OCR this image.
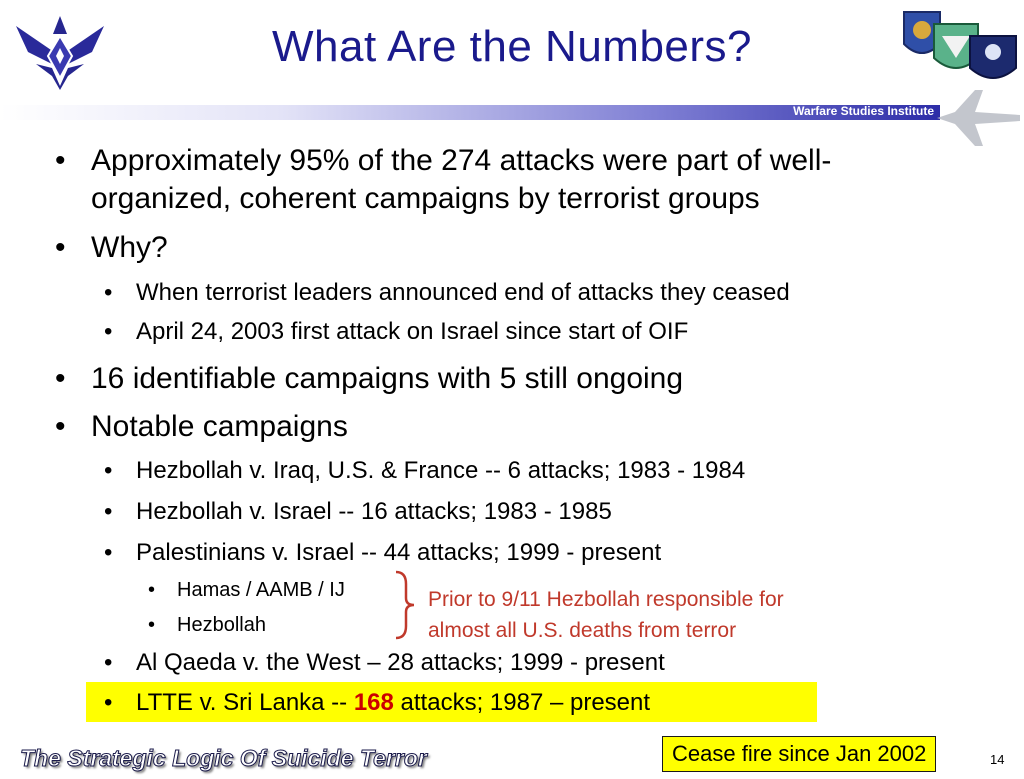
What Are the Numbers?
Warfare Studies Institute
• Approximately 95% of the 274 attacks were part of well-
organized, coherent campaigns by terrorist groups
• Why?
• When terrorist leaders announced end of attacks they ceased
• April 24, 2003 first attack on Israel since start of OIF
• 16 identifiable campaigns with 5 still ongoing
• Notable campaigns
• Hezbollah v. Iraq, U.S. & France -- 6 attacks; 1983 - 1984
• Hezbollah v. Israel -- 16 attacks; 1983 - 1985
• Palestinians v. Israel -- 44 attacks; 1999 - present
• Hamas / AAMB / IJ
• Hezbollah
• Al Qaeda v. the West – 28 attacks; 1999 - present
Prior to 9/11 Hezbollah responsible for
almost all U.S. deaths from terror
• LTTE v. Sri Lanka -- 168 attacks; 1987 – present
Cease fire since Jan 2002
The Strategic Logic Of Suicide Terror	14
